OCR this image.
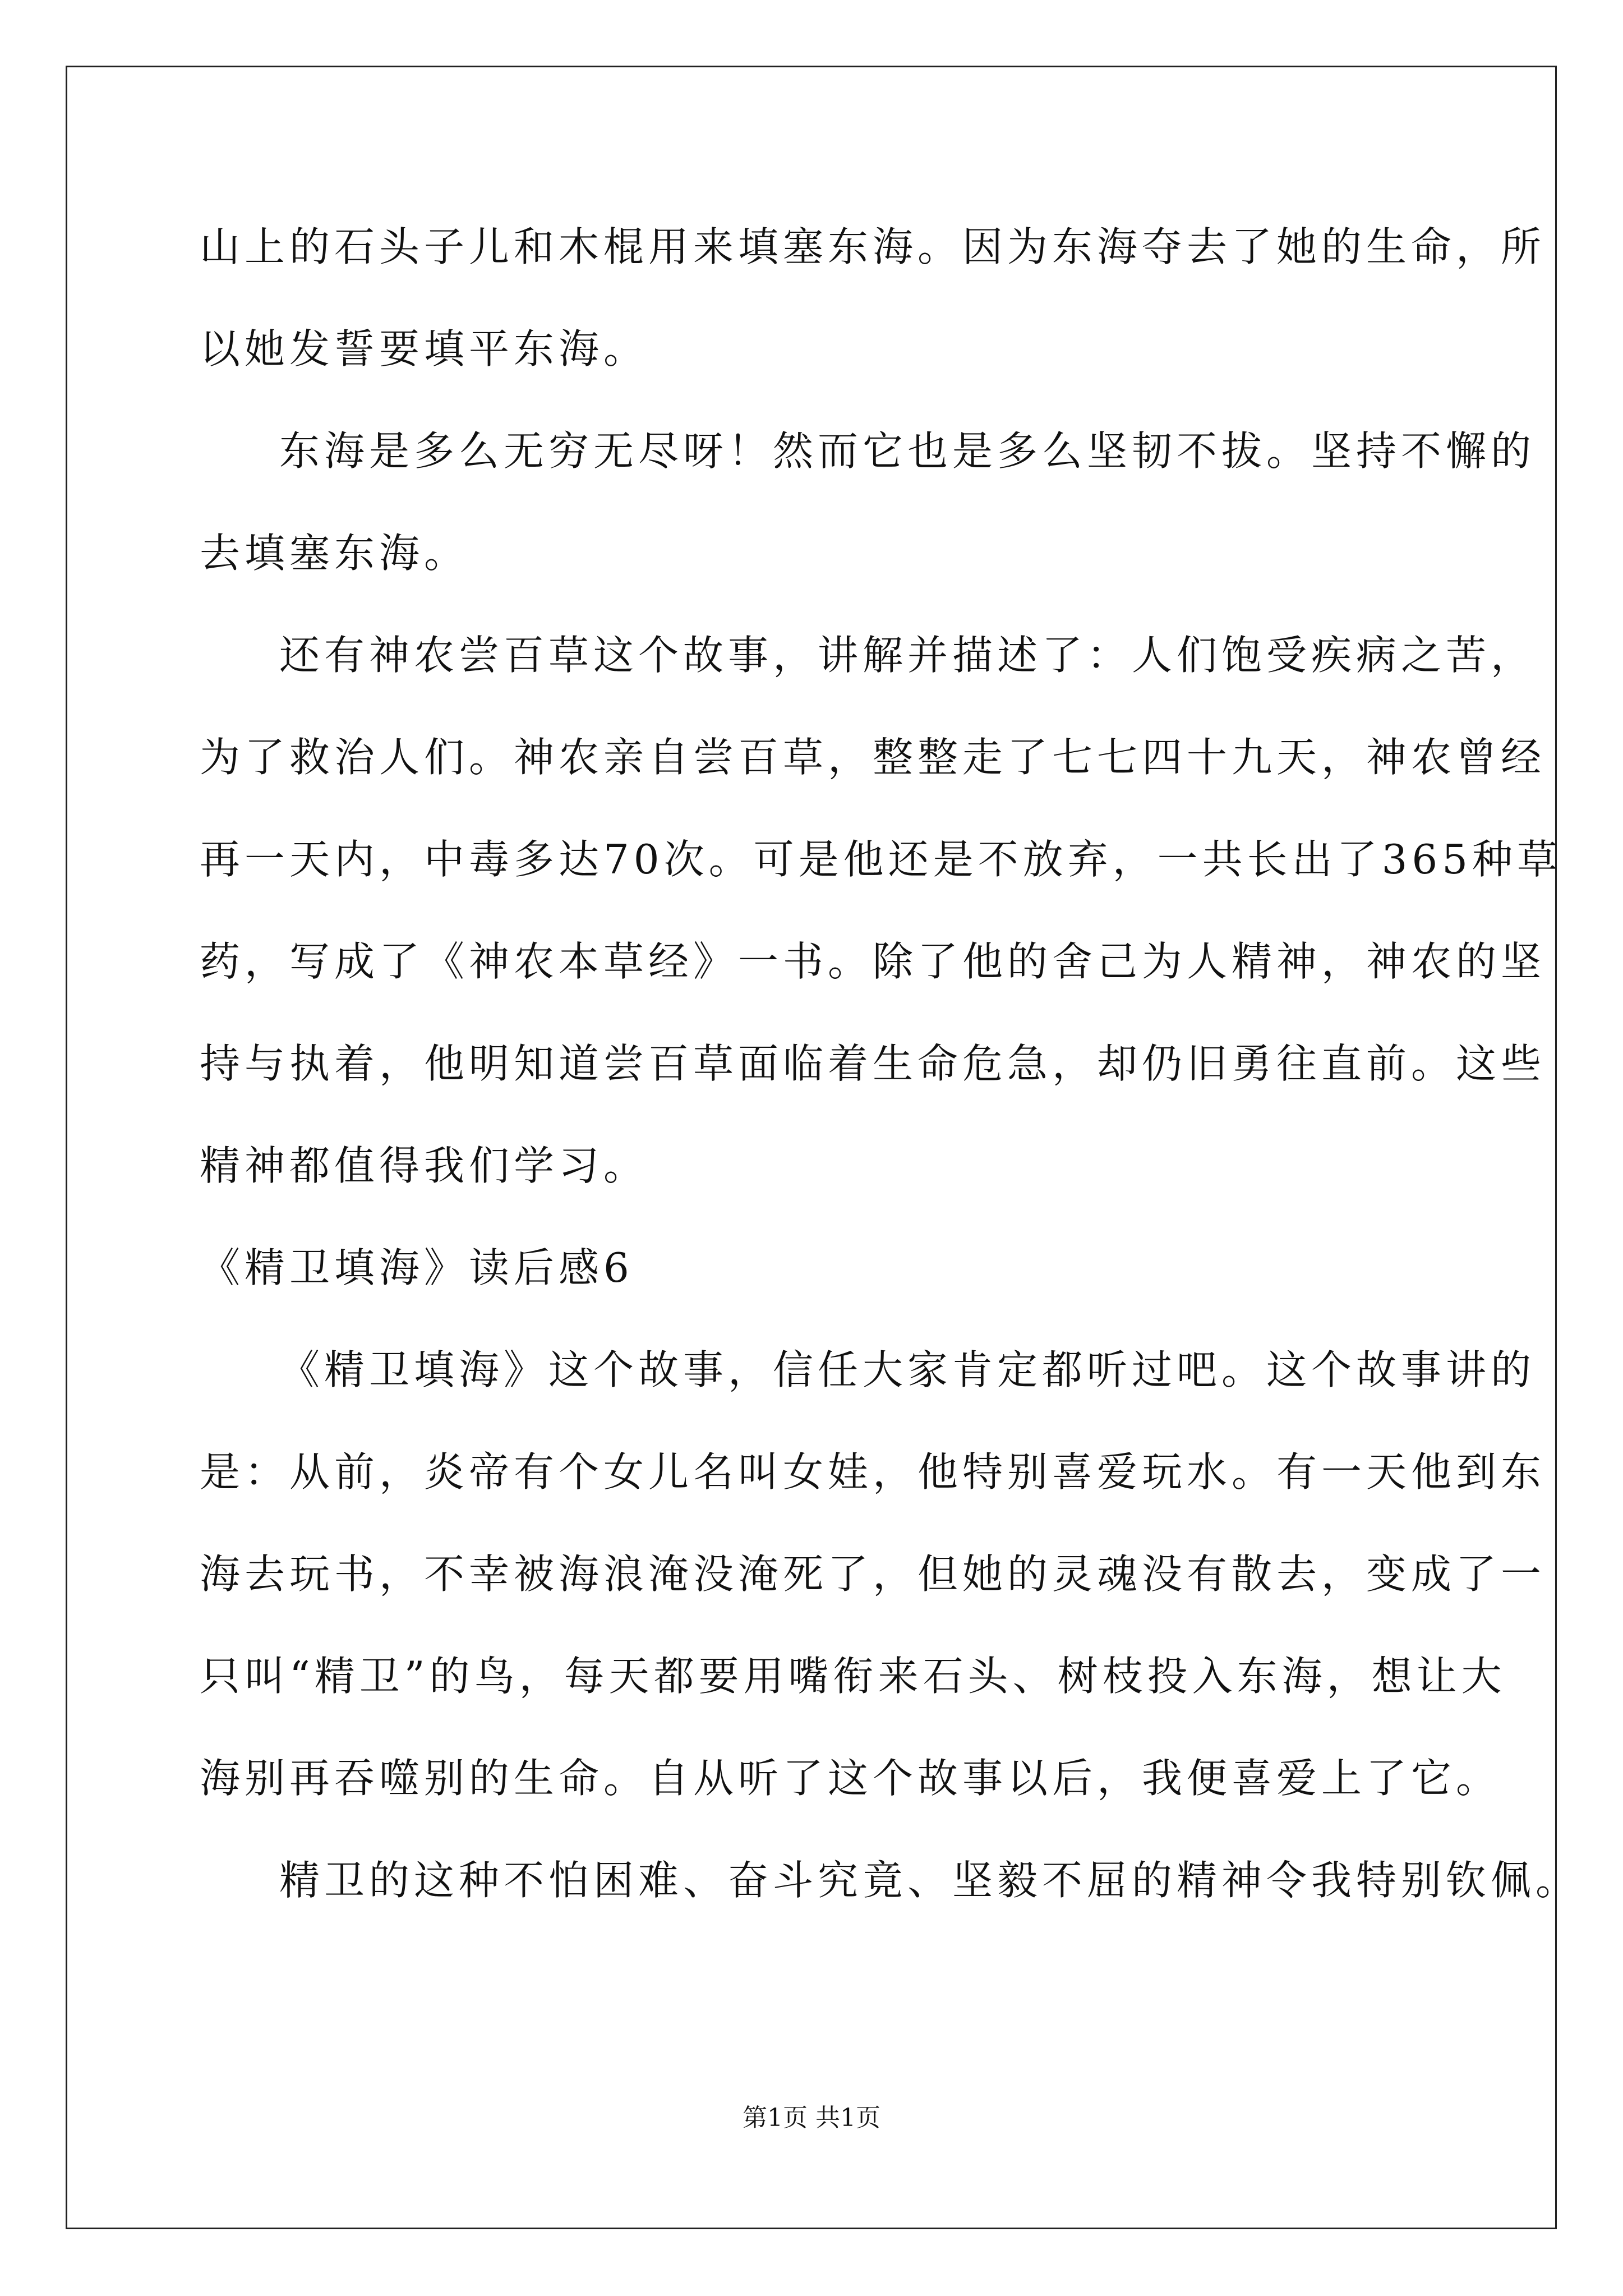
山上的石头子儿和木棍用来填塞东海。因为东海夺去了她的生命，所
以她发誓要填平东海。
东海是多么无穷无尽呀！然而它也是多么坚韧不拔。坚持不懈的
去填塞东海。
还有神农尝百草这个故事，讲解并描述了：人们饱受疾病之苦，
为了救治人们。神农亲自尝百草，整整走了七七四十九天，神农曾经
再一天内，中毒多达70次。可是他还是不放弃，一共长出了365种草
药，写成了《神农本草经》一书。除了他的舍己为人精神，神农的坚
持与执着，他明知道尝百草面临着生命危急，却仍旧勇往直前。这些
精神都值得我们学习。
《精卫填海》读后感6
《精卫填海》这个故事，信任大家肯定都听过吧。这个故事讲的
是：从前，炎帝有个女儿名叫女娃，他特别喜爱玩水。有一天他到东
海去玩书，不幸被海浪淹没淹死了，但她的灵魂没有散去，变成了一
只叫“精卫”的鸟，每天都要用嘴衔来石头、树枝投入东海，想让大
海别再吞噬别的生命。自从听了这个故事以后，我便喜爱上了它。
精卫的这种不怕困难、奋斗究竟、坚毅不屈的精神令我特别钦佩。
第1页 共1页
